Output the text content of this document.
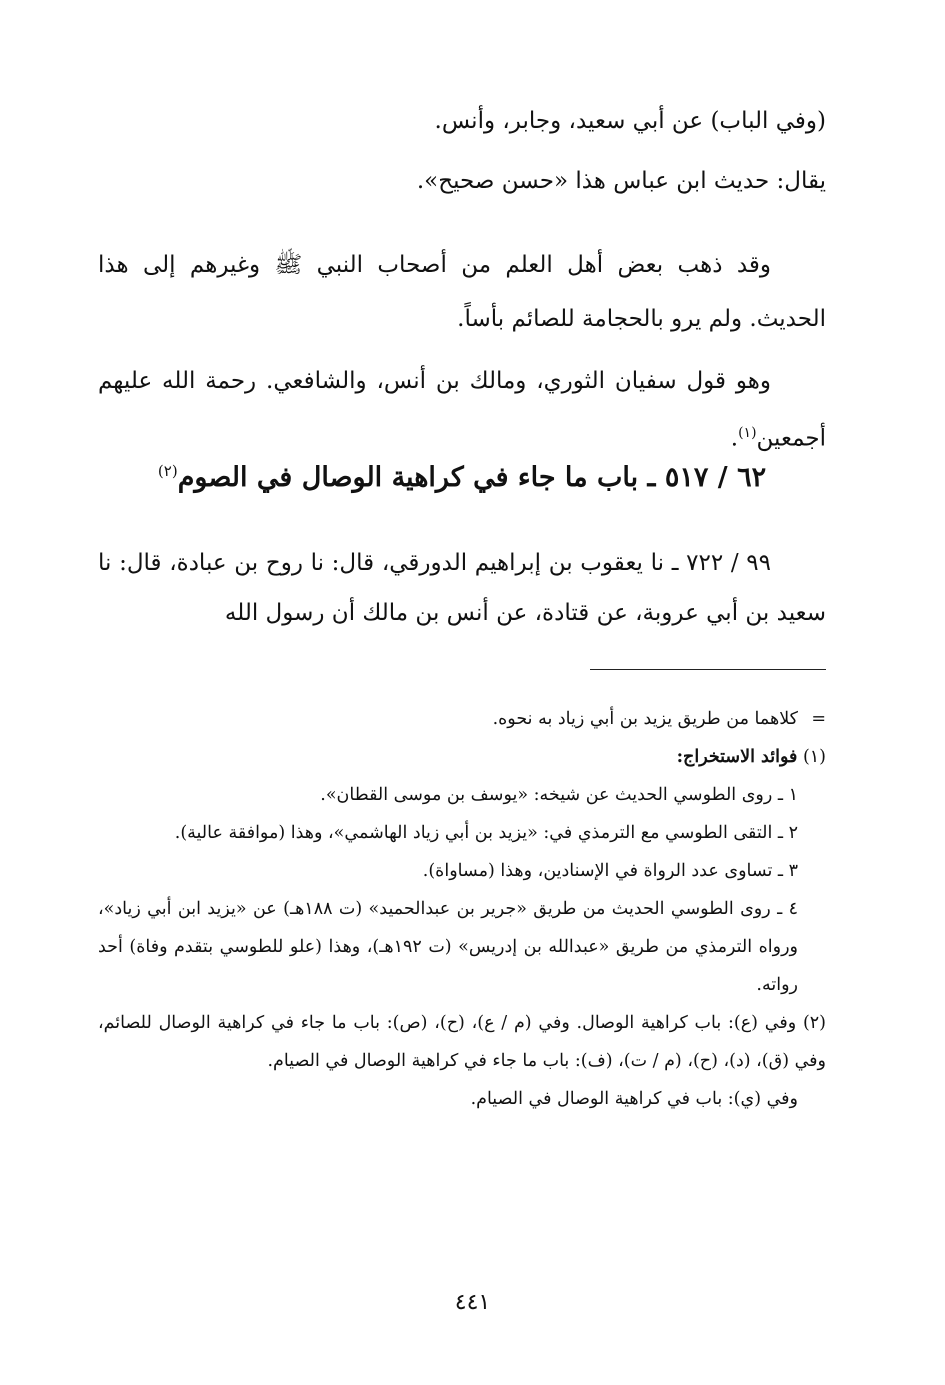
(وفي الباب) عن أبي سعيد، وجابر، وأنس.

يقال: حديث ابن عباس هذا «حسن صحيح».

وقد ذهب بعض أهل العلم من أصحاب النبي ﷺ وغيرهم إلى هذا الحديث. ولم يرو بالحجامة للصائم بأساً.

وهو قول سفيان الثوري، ومالك بن أنس، والشافعي. رحمة الله عليهم أجمعين$^{(١)}$.

٦٢ / ٥١٧ ـ باب ما جاء في كراهية الوصال في الصوم$^{(٢)}$

٩٩ / ٧٢٢ ـ نا يعقوب بن إبراهيم الدورقي، قال: نا روح بن عبادة، قال: نا سعيد بن أبي عروبة، عن قتادة، عن أنس بن مالك أن رسول الله

=كلاهما من طريق يزيد بن أبي زياد به نحوه.

(١) فوائد الاستخراج:

١ ـ روى الطوسي الحديث عن شيخه: «يوسف بن موسى القطان».

٢ ـ التقى الطوسي مع الترمذي في: «يزيد بن أبي زياد الهاشمي»، وهذا (موافقة عالية).

٣ ـ تساوى عدد الرواة في الإسنادين، وهذا (مساواة).

٤ ـ روى الطوسي الحديث من طريق «جرير بن عبدالحميد» (ت ١٨٨هـ) عن «يزيد ابن أبي زياد»، ورواه الترمذي من طريق «عبدالله بن إدريس» (ت ١٩٢هـ)، وهذا (علو للطوسي بتقدم وفاة) أحد رواته.

(٢) وفي (ع): باب كراهية الوصال. وفي (م / ع)، (ح)، (ص): باب ما جاء في كراهية الوصال للصائم، وفي (ق)، (د)، (ح)، (م / ت)، (ف): باب ما جاء في كراهية الوصال في الصيام.

وفي (ي): باب في كراهية الوصال في الصيام.

٤٤١
